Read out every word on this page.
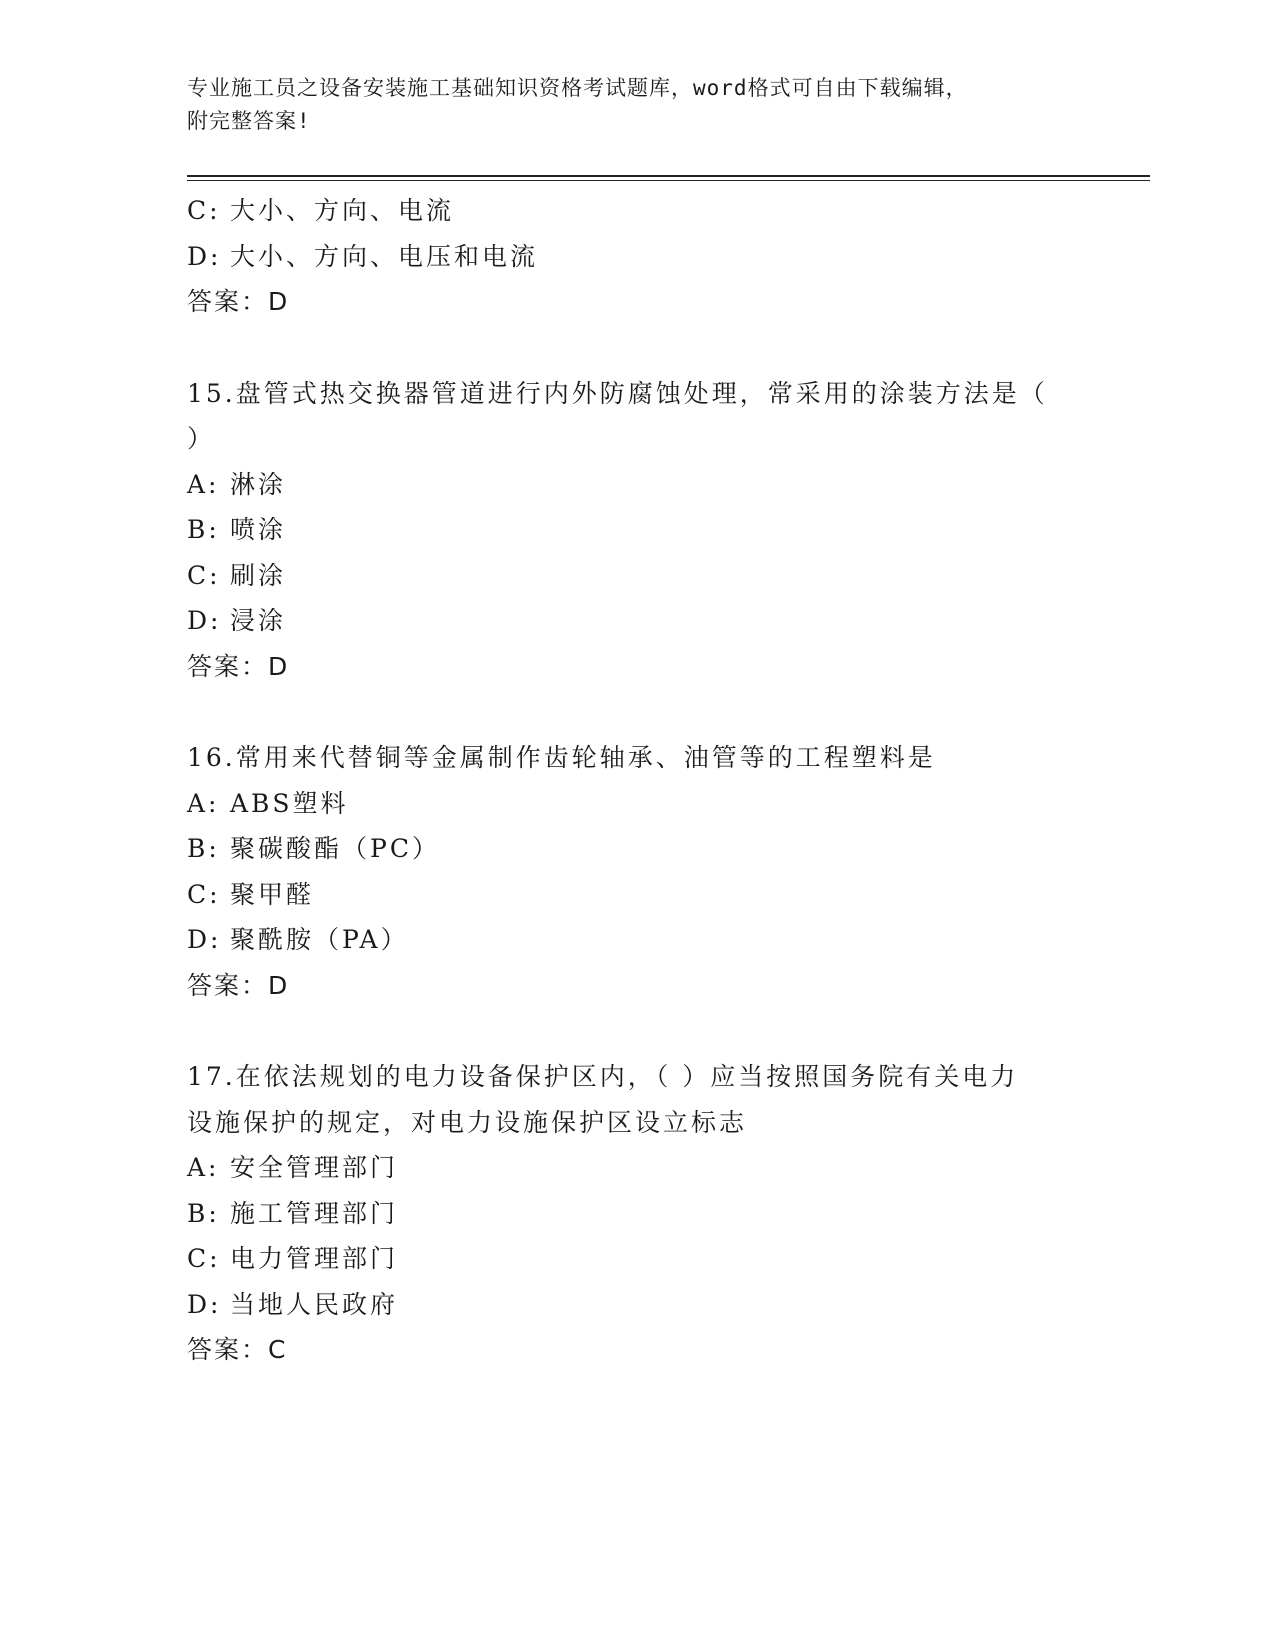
专业施工员之设备安装施工基础知识资格考试题库，word格式可自由下载编辑，
附完整答案!
C: 大小、方向、电流
D: 大小、方向、电压和电流
答案：D
15.盘管式热交换器管道进行内外防腐蚀处理，常采用的涂装方法是（
）
A: 淋涂
B: 喷涂
C: 刷涂
D: 浸涂
答案：D
16.常用来代替铜等金属制作齿轮轴承、油管等的工程塑料是
A: ABS塑料
B: 聚碳酸酯（PC）
C: 聚甲醛
D: 聚酰胺（PA）
答案：D
17.在依法规划的电力设备保护区内，（ ）应当按照国务院有关电力
设施保护的规定，对电力设施保护区设立标志
A: 安全管理部门
B: 施工管理部门
C: 电力管理部门
D: 当地人民政府
答案：C
